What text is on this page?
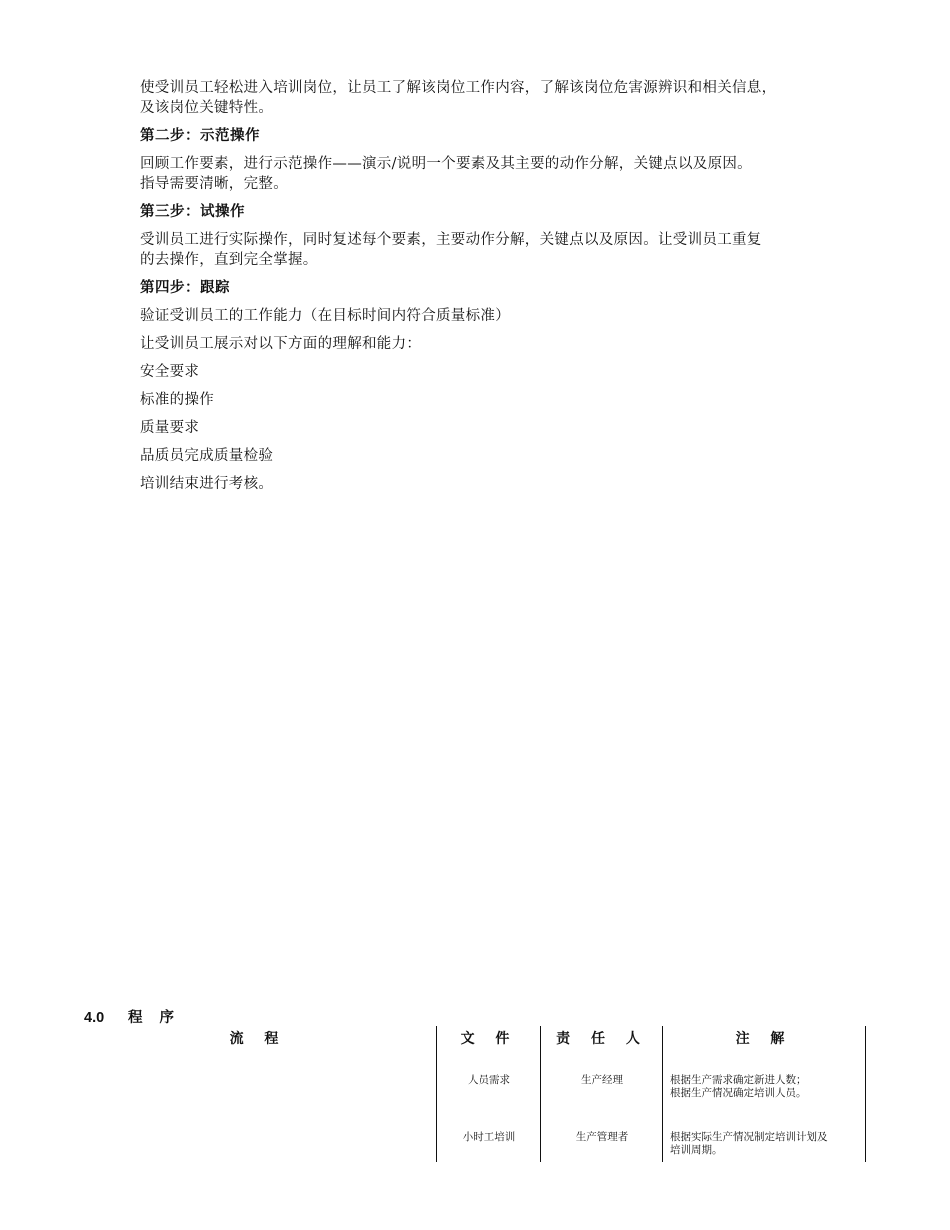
使受训员工轻松进入培训岗位，让员工了解该岗位工作内容，了解该岗位危害源辨识和相关信息，
及该岗位关键特性。
第二步：示范操作
回顾工作要素，进行示范操作——演示/说明一个要素及其主要的动作分解，关键点以及原因。
指导需要清晰，完整。
第三步：试操作
受训员工进行实际操作，同时复述每个要素，主要动作分解，关键点以及原因。让受训员工重复
的去操作，直到完全掌握。
第四步：跟踪
验证受训员工的工作能力（在目标时间内符合质量标准）
让受训员工展示对以下方面的理解和能力：
安全要求
标准的操作
质量要求
品质员完成质量检验
培训结束进行考核。
4.0 程 序
流 程	文 件
人员需求
小时工培训
责 任 人
生产经理
生产管理者
注 解
根据生产需求确定新进人数；
根据生产情况确定培训人员。
根据实际生产情况制定培训计划及
培训周期。
